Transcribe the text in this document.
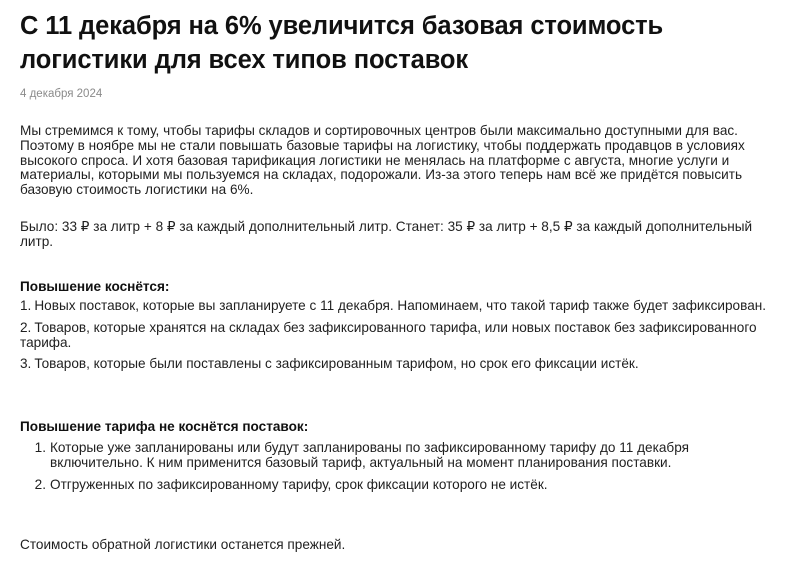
С 11 декабря на 6% увеличится базовая стоимость логистики для всех типов поставок
4 декабря 2024
Мы стремимся к тому, чтобы тарифы складов и сортировочных центров были максимально доступными для вас. Поэтому в ноябре мы не стали повышать базовые тарифы на логистику, чтобы поддержать продавцов в условиях высокого спроса. И хотя базовая тарификация логистики не менялась на платформе с августа, многие услуги и материалы, которыми мы пользуемся на складах, подорожали. Из-за этого теперь нам всё же придётся повысить базовую стоимость логистики на 6%.
Было: 33 ₽ за литр + 8 ₽ за каждый дополнительный литр. Станет: 35 ₽ за литр + 8,5 ₽ за каждый дополнительный литр.
Повышение коснётся:
1. Новых поставок, которые вы запланируете с 11 декабря. Напоминаем, что такой тариф также будет зафиксирован.
2. Товаров, которые хранятся на складах без зафиксированного тарифа, или новых поставок без зафиксированного тарифа.
3. Товаров, которые были поставлены с зафиксированным тарифом, но срок его фиксации истёк.
Повышение тарифа не коснётся поставок:
1. Которые уже запланированы или будут запланированы по зафиксированному тарифу до 11 декабря включительно. К ним применится базовый тариф, актуальный на момент планирования поставки.
2. Отгруженных по зафиксированному тарифу, срок фиксации которого не истёк.
Стоимость обратной логистики останется прежней.
